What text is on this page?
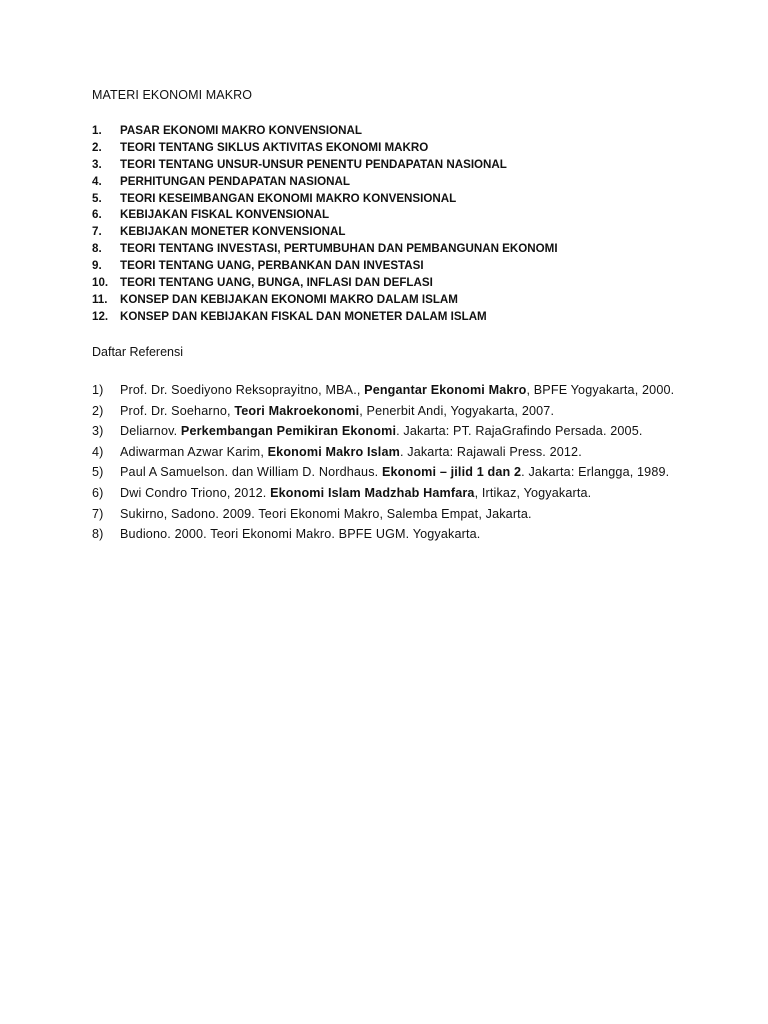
MATERI EKONOMI MAKRO
1. PASAR EKONOMI MAKRO KONVENSIONAL
2. TEORI TENTANG SIKLUS AKTIVITAS EKONOMI MAKRO
3. TEORI TENTANG UNSUR-UNSUR PENENTU PENDAPATAN NASIONAL
4. PERHITUNGAN PENDAPATAN NASIONAL
5. TEORI KESEIMBANGAN EKONOMI MAKRO KONVENSIONAL
6. KEBIJAKAN FISKAL KONVENSIONAL
7. KEBIJAKAN MONETER KONVENSIONAL
8. TEORI TENTANG INVESTASI, PERTUMBUHAN DAN PEMBANGUNAN EKONOMI
9. TEORI TENTANG UANG, PERBANKAN DAN INVESTASI
10. TEORI TENTANG UANG, BUNGA, INFLASI DAN DEFLASI
11. KONSEP DAN KEBIJAKAN EKONOMI MAKRO DALAM ISLAM
12. KONSEP DAN KEBIJAKAN FISKAL DAN MONETER DALAM ISLAM
Daftar Referensi
1) Prof. Dr. Soediyono Reksoprayitno, MBA., Pengantar Ekonomi Makro, BPFE Yogyakarta, 2000.
2) Prof. Dr. Soeharno, Teori Makroekonomi, Penerbit Andi, Yogyakarta, 2007.
3) Deliarnov. Perkembangan Pemikiran Ekonomi. Jakarta: PT. RajaGrafindo Persada. 2005.
4) Adiwarman Azwar Karim, Ekonomi Makro Islam. Jakarta: Rajawali Press. 2012.
5) Paul A Samuelson. dan William D. Nordhaus. Ekonomi – jilid 1 dan 2. Jakarta: Erlangga, 1989.
6) Dwi Condro Triono, 2012. Ekonomi Islam Madzhab Hamfara, Irtikaz, Yogyakarta.
7) Sukirno, Sadono. 2009. Teori Ekonomi Makro, Salemba Empat, Jakarta.
8) Budiono. 2000. Teori Ekonomi Makro. BPFE UGM. Yogyakarta.
